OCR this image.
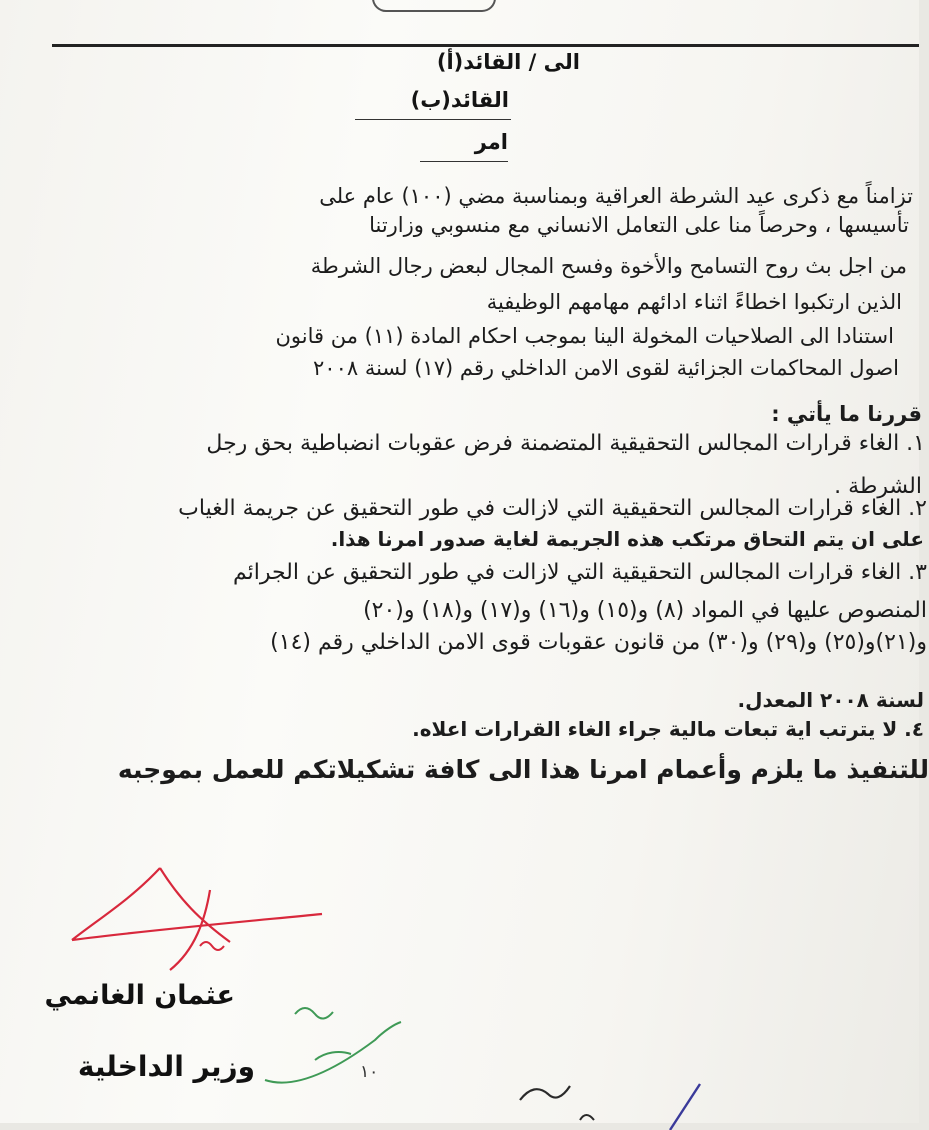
الى / القائد(أ)
القائد(ب)
امر
تزامناً مع ذكرى عيد الشرطة العراقية وبمناسبة مضي (١٠٠) عام على
تأسيسها ، وحرصاً منا على التعامل الانساني مع منسوبي وزارتنا
من اجل بث روح التسامح والأخوة وفسح المجال لبعض رجال الشرطة
الذين ارتكبوا اخطاءً اثناء ادائهم مهامهم الوظيفية
استنادا الى الصلاحيات المخولة الينا بموجب احكام المادة (١١) من قانون
اصول المحاكمات الجزائية لقوى الامن الداخلي رقم (١٧) لسنة ٢٠٠٨
قررنا ما يأتي :
١. الغاء قرارات المجالس التحقيقية المتضمنة فرض عقوبات انضباطية بحق رجل
الشرطة .
٢. الغاء قرارات المجالس التحقيقية التي لازالت في طور التحقيق عن جريمة الغياب
على ان يتم التحاق مرتكب هذه الجريمة لغاية صدور امرنا هذا.
٣. الغاء قرارات المجالس التحقيقية التي لازالت في طور التحقيق عن الجرائم
المنصوص عليها في المواد (٨) و(١٥) و(١٦) و(١٧) و(١٨) و(٢٠)
و(٢١)و(٢٥) و(٢٩) و(٣٠) من قانون عقوبات قوى الامن الداخلي رقم (١٤)
لسنة ٢٠٠٨ المعدل.
٤. لا يترتب اية تبعات مالية جراء الغاء القرارات اعلاه.
للتنفيذ ما يلزم وأعمام امرنا هذا الى كافة تشكيلاتكم للعمل بموجبه
عثمان الغانمي
وزير الداخلية	١٠
